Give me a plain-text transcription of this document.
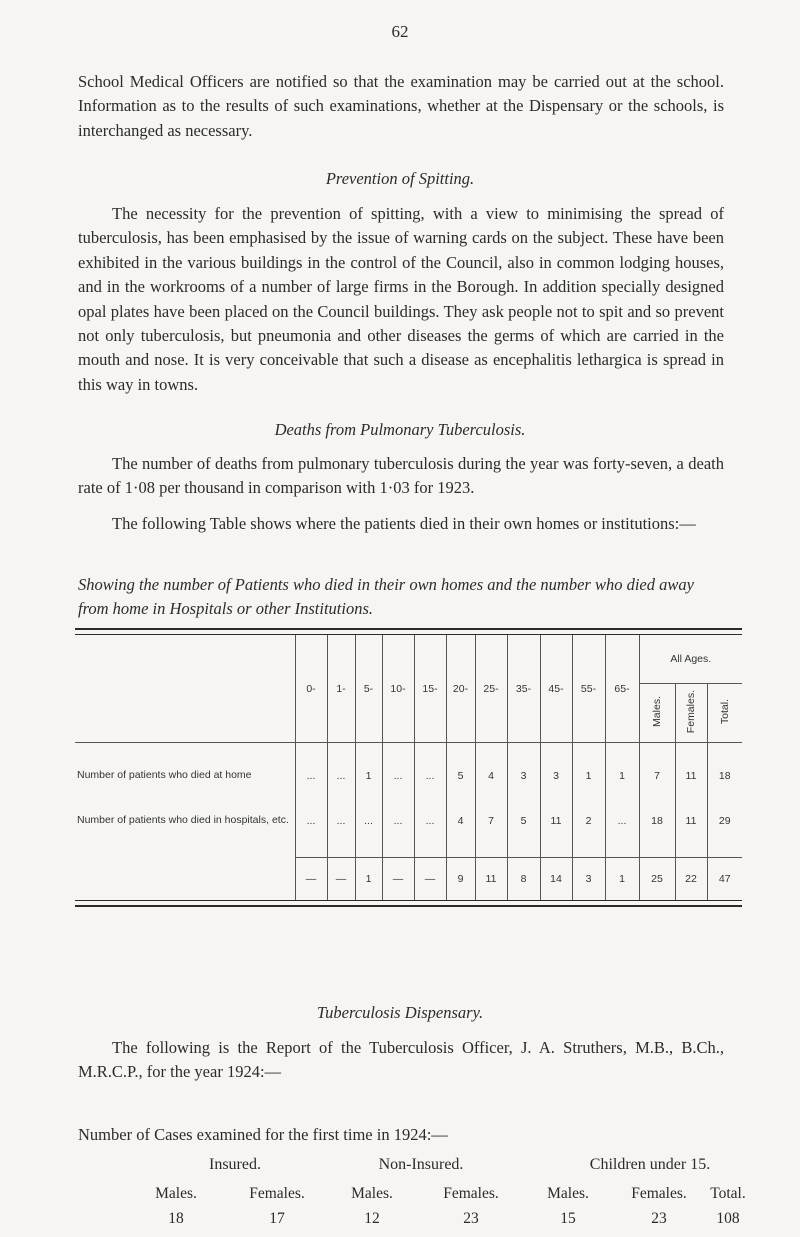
62

School Medical Officers are notified so that the examination may be carried out at the school. Information as to the results of such examinations, whether at the Dispensary or the schools, is interchanged as necessary.

Prevention of Spitting.

The necessity for the prevention of spitting, with a view to minimising the spread of tuberculosis, has been emphasised by the issue of warning cards on the subject. These have been exhibited in the various buildings in the control of the Council, also in common lodging houses, and in the workrooms of a number of large firms in the Borough. In addition specially designed opal plates have been placed on the Council buildings. They ask people not to spit and so prevent not only tuberculosis, but pneumonia and other diseases the germs of which are carried in the mouth and nose. It is very conceivable that such a disease as encephalitis lethargica is spread in this way in towns.

Deaths from Pulmonary Tuberculosis.

The number of deaths from pulmonary tuberculosis during the year was forty-seven, a death rate of 1·08 per thousand in comparison with 1·03 for 1923.

The following Table shows where the patients died in their own homes or institutions:—

Showing the number of Patients who died in their own homes and the number who died away from home in Hospitals or other Institutions.

	0-	1-	5-	10-	15-	20-	25-	35-	45-	55-	65-	All Ages.		
												Males.	Females.	Total.

Number of patients who died at home	...	...	1	...	...	5	4	3	3	1	1	7	11	18
Number of patients who died in hospitals, etc.	...	...	...	...	...	4	7	5	11	2	...	18	11	29

	—	—	1	—	—	9	11	8	14	3	1	25	22	47
Tuberculosis Dispensary.

The following is the Report of the Tuberculosis Officer, J. A. Struthers, M.B., B.Ch., M.R.C.P., for the year 1924:—

Number of Cases examined for the first time in 1924:—
Insured.	Non-Insured.	Children under 15.
Males.	Females.	Males.	Females.	Males.	Females.	Total.
18	17	12	23	15	23	108
